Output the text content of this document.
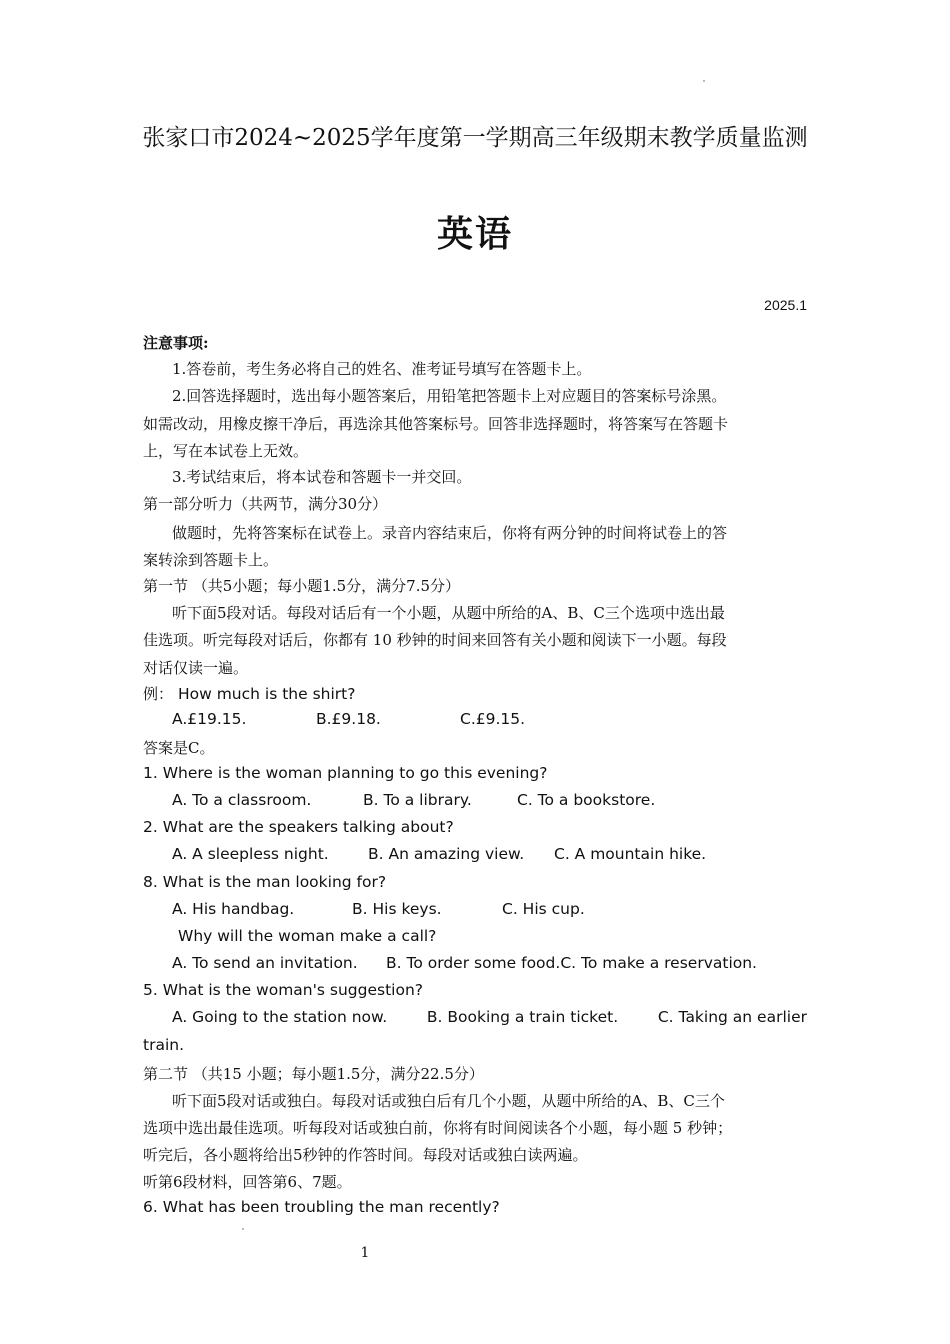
张家口市2024~2025学年度第一学期高三年级期末教学质量监测
英语
2025.1
注意事项:
1.答卷前，考生务必将自己的姓名、准考证号填写在答题卡上。
2.回答选择题时，选出每小题答案后，用铅笔把答题卡上对应题目的答案标号涂黑。
如需改动，用橡皮擦干净后，再选涂其他答案标号。回答非选择题时，将答案写在答题卡
上，写在本试卷上无效。
3.考试结束后，将本试卷和答题卡一并交回。
第一部分听力（共两节，满分30分）
做题时，先将答案标在试卷上。录音内容结束后，你将有两分钟的时间将试卷上的答
案转涂到答题卡上。
第一节 （共5小题；每小题1.5分，满分7.5分）
听下面5段对话。每段对话后有一个小题，从题中所给的A、B、C三个选项中选出最
佳选项。听完每段对话后，你都有 10 秒钟的时间来回答有关小题和阅读下一小题。每段
对话仅读一遍。
例： How much is the shirt?
A.£19.15.	B.£9.18.	C.£9.15.
答案是C。
1. Where is the woman planning to go this evening?
A. To a classroom.	B. To a library.	C. To a bookstore.
2. What are the speakers talking about?
A. A sleepless night.	B. An amazing view. C. A mountain hike.
8. What is the man looking for?
A. His handbag.	B. His keys.	C. His cup.
Why will the woman make a call?
A. To send an invitation. B. To order some food.C. To make a reservation.
5. What is the woman's suggestion?
A. Going to the station now.	B. Booking a train ticket.	C. Taking an earlier
train.
第二节 （共15 小题；每小题1.5分，满分22.5分）
听下面5段对话或独白。每段对话或独白后有几个小题，从题中所给的A、B、C三个
选项中选出最佳选项。听每段对话或独白前，你将有时间阅读各个小题，每小题 5 秒钟；
听完后，各小题将给出5秒钟的作答时间。每段对话或独白读两遍。
听第6段材料，回答第6、7题。
6. What has been troubling the man recently?
1
